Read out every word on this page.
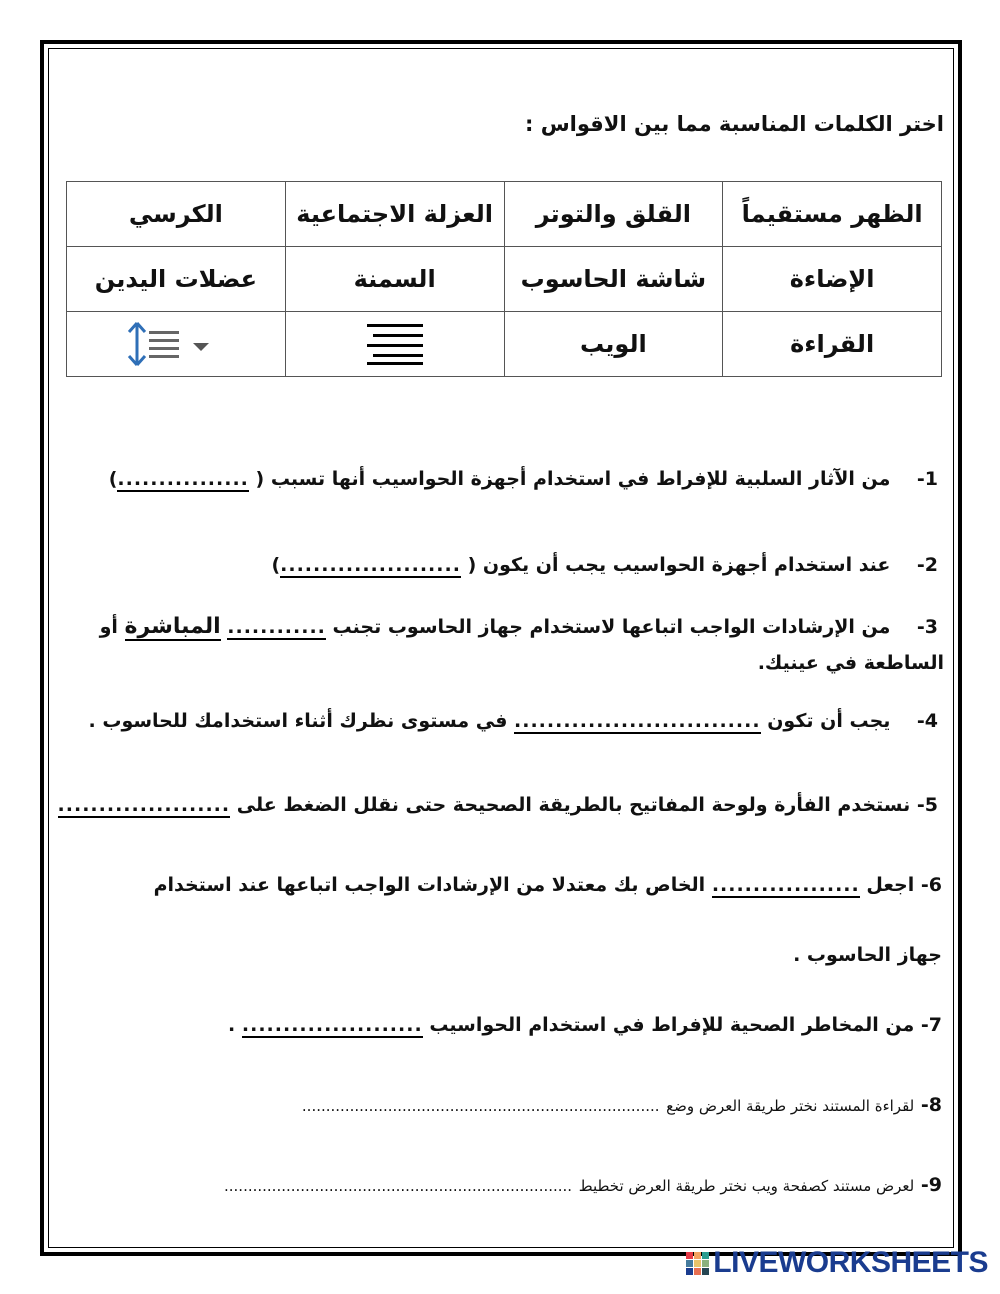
اختر الكلمات المناسبة مما بين الاقواس :
الظهر مستقيماً	القلق والتوتر	العزلة الاجتماعية	الكرسي
الإضاءة	شاشة الحاسوب	السمنة	عضلات اليدين
القراءة	الويب		
1-    من الآثار السلبية للإفراط في استخدام أجهزة الحواسيب أنها تسبب ( ................)
2-    عند استخدام أجهزة الحواسيب يجب أن يكون ( ......................)
3-    من الإرشادات الواجب اتباعها لاستخدام جهاز الحاسوب تجنب ............ المباشرة أو
الساطعة في عينيك.
4-    يجب أن تكون .............................. في مستوى نظرك أثناء استخدامك للحاسوب .
5- نستخدم الفأرة ولوحة المفاتيح بالطريقة الصحيحة حتى نقلل الضغط على .....................
6- اجعل .................. الخاص بك معتدلا من الإرشادات الواجب اتباعها عند استخدام
جهاز الحاسوب .
7- من المخاطر الصحية للإفراط في استخدام الحواسيب ...................... .
8- لقراءة المستند نختر طريقة العرض وضع ...........................................................................
9- لعرض مستند كصفحة ويب نختر طريقة العرض تخطيط .........................................................................
LIVEWORKSHEETS
